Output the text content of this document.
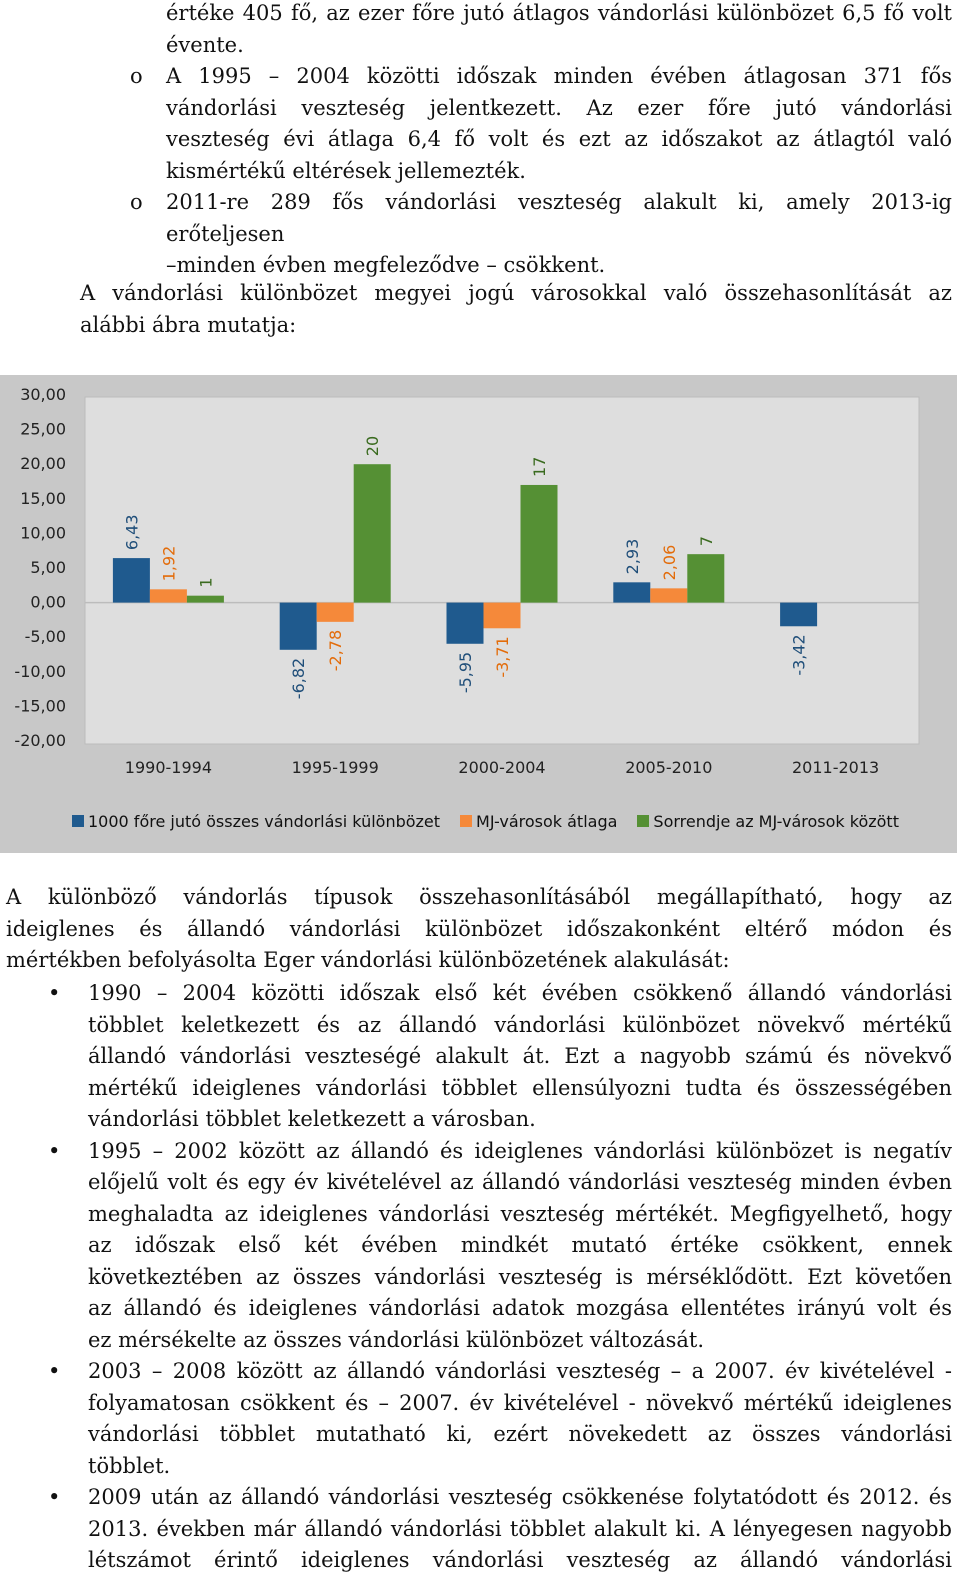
értéke 405 fő, az ezer főre jutó átlagos vándorlási különbözet 6,5 fő volt
évente.
o A 1995 – 2004 közötti időszak minden évében átlagosan 371 fős
vándorlási veszteség jelentkezett. Az ezer főre jutó vándorlási
veszteség évi átlaga 6,4 fő volt és ezt az időszakot az átlagtól való
kismértékű eltérések jellemezték.
o 2011-re 289 fős vándorlási veszteség alakult ki, amely 2013-ig erőteljesen
–minden évben megfeleződve – csökkent.
A vándorlási különbözet megyei jogú városokkal való összehasonlítását az
alábbi ábra mutatja:
30,00
25,00
20,00
15,00
10,00
5,00
0,00
-5,00
-10,00
-15,00
-20,00
6,43
-6,82	-5,95
2,93
-3,42
1,92
-2,78	-3,71
2,06
1
20
17
7
1990-1994	1995-1999	2000-2004	2005-2010	2011-2013
1000 főre jutó összes vándorlási különbözet MJ-városok átlaga Sorrendje az MJ-városok között
A különböző vándorlás típusok összehasonlításából megállapítható, hogy az
ideiglenes és állandó vándorlási különbözet időszakonként eltérő módon és
mértékben befolyásolta Eger vándorlási különbözetének alakulását:
• 1990 – 2004 közötti időszak első két évében csökkenő állandó vándorlási
többlet keletkezett és az állandó vándorlási különbözet növekvő mértékű
állandó vándorlási veszteségé alakult át. Ezt a nagyobb számú és növekvő
mértékű ideiglenes vándorlási többlet ellensúlyozni tudta és összességében
vándorlási többlet keletkezett a városban.
• 1995 – 2002 között az állandó és ideiglenes vándorlási különbözet is negatív
előjelű volt és egy év kivételével az állandó vándorlási veszteség minden évben
meghaladta az ideiglenes vándorlási veszteség mértékét. Megfigyelhető, hogy
az időszak első két évében mindkét mutató értéke csökkent, ennek
következtében az összes vándorlási veszteség is mérséklődött. Ezt követően
az állandó és ideiglenes vándorlási adatok mozgása ellentétes irányú volt és
ez mérsékelte az összes vándorlási különbözet változását.
• 2003 – 2008 között az állandó vándorlási veszteség – a 2007. év kivételével -
folyamatosan csökkent és – 2007. év kivételével - növekvő mértékű ideiglenes
vándorlási többlet mutatható ki, ezért növekedett az összes vándorlási
többlet.
• 2009 után az állandó vándorlási veszteség csökkenése folytatódott és 2012. és
2013. években már állandó vándorlási többlet alakult ki. A lényegesen nagyobb
létszámot érintő ideiglenes vándorlási veszteség az állandó vándorlási
